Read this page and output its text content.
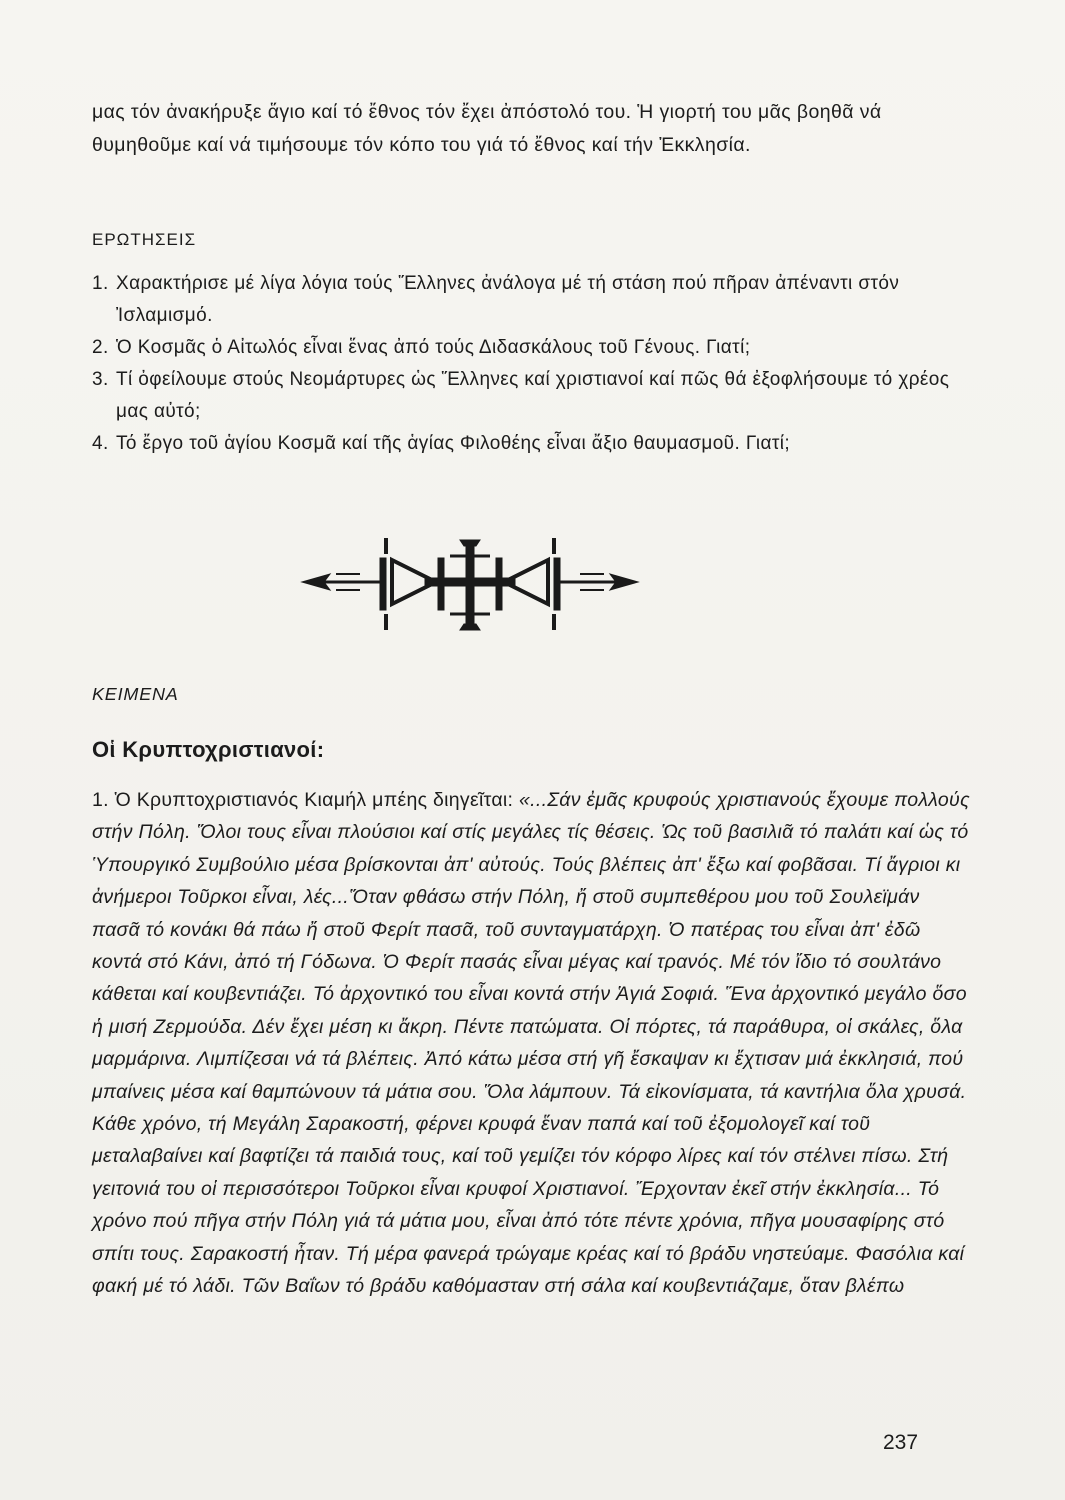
μας τόν ἀνακήρυξε ἅγιο καί τό ἔθνος τόν ἔχει ἀπόστολό του. Ἡ γιορτή του μᾶς βοηθᾶ νά θυμηθοῦμε καί νά τιμήσουμε τόν κόπο του γιά τό ἔθνος καί τήν Ἐκκλησία.

ΕΡΩΤΗΣΕΙΣ
1. Χαρακτήρισε μέ λίγα λόγια τούς Ἕλληνες ἀνάλογα μέ τή στάση πού πῆραν ἀπέναντι στόν Ἰσλαμισμό.
2. Ὁ Κοσμᾶς ὁ Αἰτωλός εἶναι ἕνας ἀπό τούς Διδασκάλους τοῦ Γένους. Γιατί;
3. Τί ὀφείλουμε στούς Νεομάρτυρες ὡς Ἕλληνες καί χριστιανοί καί πῶς θά ἐξοφλήσουμε τό χρέος μας αὐτό;
4. Τό ἔργο τοῦ ἁγίου Κοσμᾶ καί τῆς ἁγίας Φιλοθέης εἶναι ἄξιο θαυμασμοῦ. Γιατί;
ΚΕΙΜΕΝΑ
Οἱ Κρυπτοχριστιανοί:

1. Ὁ Κρυπτοχριστιανός Κιαμήλ μπέης διηγεῖται: «...Σάν ἐμᾶς κρυφούς χριστιανούς ἔχουμε πολλούς στήν Πόλη. Ὅλοι τους εἶναι πλούσιοι καί στίς μεγάλες τίς θέσεις. Ὡς τοῦ βασιλιᾶ τό παλάτι καί ὡς τό Ὑπουργικό Συμβούλιο μέσα βρίσκονται ἀπ' αὐτούς. Τούς βλέπεις ἀπ' ἔξω καί φοβᾶσαι. Τί ἄγριοι κι ἀνήμεροι Τοῦρκοι εἶναι, λές...Ὅταν φθάσω στήν Πόλη, ἤ στοῦ συμπεθέρου μου τοῦ Σουλεϊμάν πασᾶ τό κονάκι θά πάω ἤ στοῦ Φερίτ πασᾶ, τοῦ συνταγματάρχη. Ὁ πατέρας του εἶναι ἀπ' ἐδῶ κοντά στό Κάνι, ἀπό τή Γόδωνα. Ὁ Φερίτ πασάς εἶναι μέγας καί τρανός. Μέ τόν ἴδιο τό σουλτάνο κάθεται καί κουβεντιάζει. Τό ἀρχοντικό του εἶναι κοντά στήν Ἁγιά Σοφιά. Ἕνα ἀρχοντικό μεγάλο ὅσο ἡ μισή Ζερμούδα. Δέν ἔχει μέση κι ἄκρη. Πέντε πατώματα. Οἱ πόρτες, τά παράθυρα, οἱ σκάλες, ὅλα μαρμάρινα. Λιμπίζεσαι νά τά βλέπεις. Ἀπό κάτω μέσα στή γῆ ἔσκαψαν κι ἔχτισαν μιά ἐκκλησιά, πού μπαίνεις μέσα καί θαμπώνουν τά μάτια σου. Ὅλα λάμπουν. Τά εἰκονίσματα, τά καντήλια ὅλα χρυσά. Κάθε χρόνο, τή Μεγάλη Σαρακοστή, φέρνει κρυφά ἕναν παπά καί τοῦ ἐξομολογεῖ καί τοῦ μεταλαβαίνει καί βαφτίζει τά παιδιά τους, καί τοῦ γεμίζει τόν κόρφο λίρες καί τόν στέλνει πίσω. Στή γειτονιά του οἱ περισσότεροι Τοῦρκοι εἶναι κρυφοί Χριστιανοί. Ἔρχονταν ἐκεῖ στήν ἐκκλησία... Τό χρόνο πού πῆγα στήν Πόλη γιά τά μάτια μου, εἶναι ἀπό τότε πέντε χρόνια, πῆγα μουσαφίρης στό σπίτι τους. Σαρακοστή ἦταν. Τή μέρα φανερά τρώγαμε κρέας καί τό βράδυ νηστεύαμε. Φασόλια καί φακή μέ τό λάδι. Τῶν Βαΐων τό βράδυ καθόμασταν στή σάλα καί κουβεντιάζαμε, ὅταν βλέπω

237
